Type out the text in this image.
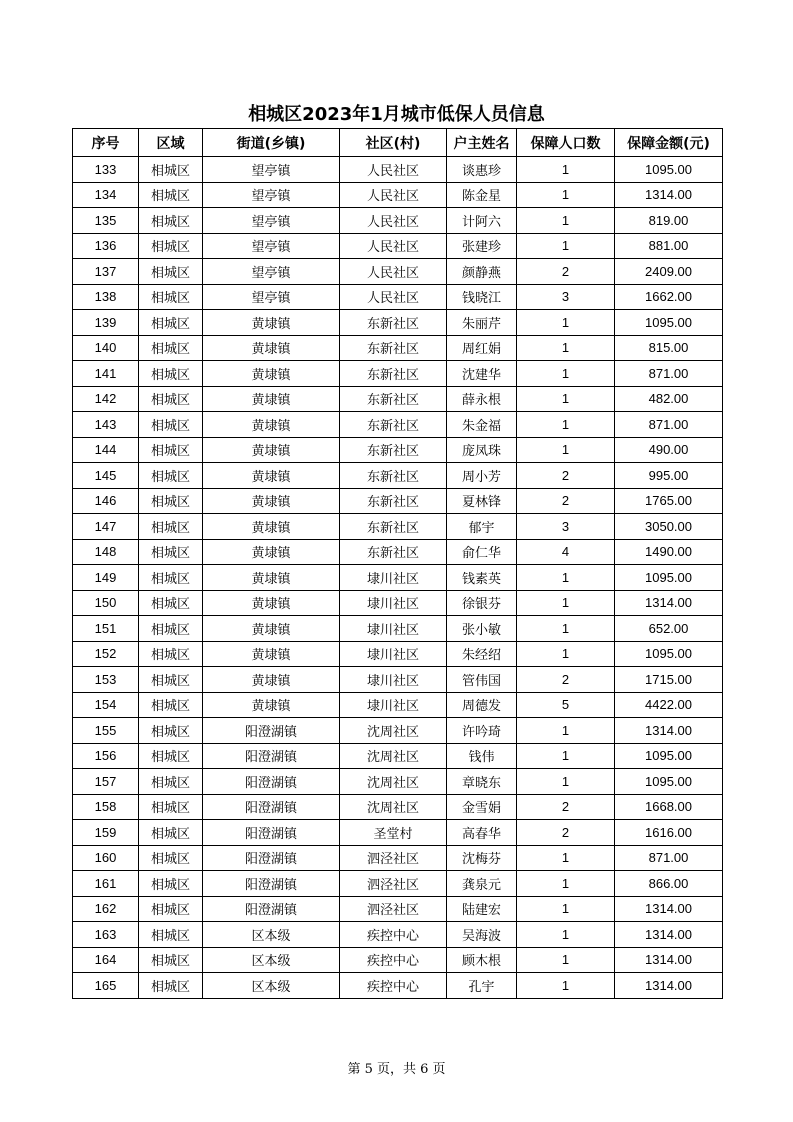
相城区2023年1月城市低保人员信息
序号	区域	街道(乡镇)	社区(村)	户主姓名	保障人口数	保障金额(元)
133	相城区	望亭镇	人民社区	谈惠珍	1	1095.00
134	相城区	望亭镇	人民社区	陈金星	1	1314.00
135	相城区	望亭镇	人民社区	计阿六	1	819.00
136	相城区	望亭镇	人民社区	张建珍	1	881.00
137	相城区	望亭镇	人民社区	颜静燕	2	2409.00
138	相城区	望亭镇	人民社区	钱晓江	3	1662.00
139	相城区	黄埭镇	东新社区	朱丽芹	1	1095.00
140	相城区	黄埭镇	东新社区	周红娟	1	815.00
141	相城区	黄埭镇	东新社区	沈建华	1	871.00
142	相城区	黄埭镇	东新社区	薛永根	1	482.00
143	相城区	黄埭镇	东新社区	朱金福	1	871.00
144	相城区	黄埭镇	东新社区	庞凤珠	1	490.00
145	相城区	黄埭镇	东新社区	周小芳	2	995.00
146	相城区	黄埭镇	东新社区	夏林锋	2	1765.00
147	相城区	黄埭镇	东新社区	郁宇	3	3050.00
148	相城区	黄埭镇	东新社区	俞仁华	4	1490.00
149	相城区	黄埭镇	埭川社区	钱素英	1	1095.00
150	相城区	黄埭镇	埭川社区	徐银芬	1	1314.00
151	相城区	黄埭镇	埭川社区	张小敏	1	652.00
152	相城区	黄埭镇	埭川社区	朱经绍	1	1095.00
153	相城区	黄埭镇	埭川社区	管伟国	2	1715.00
154	相城区	黄埭镇	埭川社区	周德发	5	4422.00
155	相城区	阳澄湖镇	沈周社区	许吟琦	1	1314.00
156	相城区	阳澄湖镇	沈周社区	钱伟	1	1095.00
157	相城区	阳澄湖镇	沈周社区	章晓东	1	1095.00
158	相城区	阳澄湖镇	沈周社区	金雪娟	2	1668.00
159	相城区	阳澄湖镇	圣堂村	高春华	2	1616.00
160	相城区	阳澄湖镇	泗泾社区	沈梅芬	1	871.00
161	相城区	阳澄湖镇	泗泾社区	龚泉元	1	866.00
162	相城区	阳澄湖镇	泗泾社区	陆建宏	1	1314.00
163	相城区	区本级	疾控中心	吴海波	1	1314.00
164	相城区	区本级	疾控中心	顾木根	1	1314.00
165	相城区	区本级	疾控中心	孔宇	1	1314.00
第 5 页，共 6 页
